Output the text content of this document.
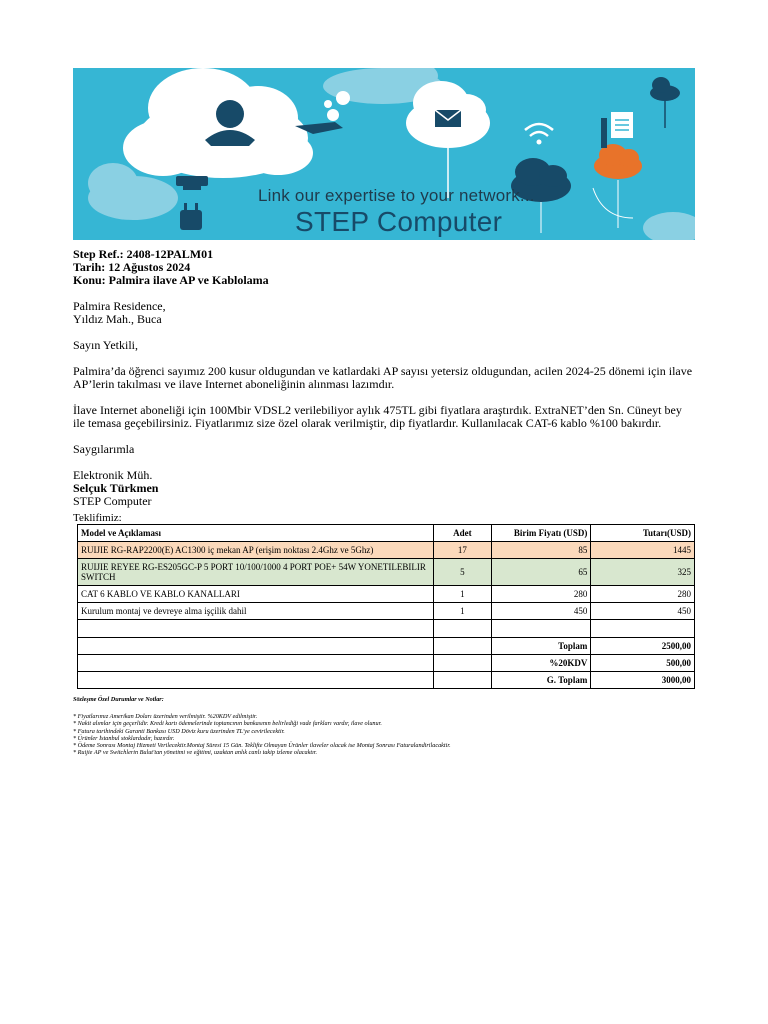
Link our expertise to your network...
STEP Computer

Step Ref.: 2408-12PALM01

Tarih: 12 Ağustos 2024

Konu: Palmira ilave AP ve Kablolama

Palmira Residence,

Yıldız Mah., Buca

Sayın Yetkili,

Palmira’da öğrenci sayımız 200 kusur oldugundan ve katlardaki AP sayısı yetersiz oldugundan, acilen 2024-25 dönemi için ilave AP’lerin takılması ve ilave Internet aboneliğinin alınması lazımdır.

İlave Internet aboneliği için 100Mbir VDSL2 verilebiliyor aylık 475TL gibi fiyatlara araştırdık. ExtraNET’den Sn. Cüneyt bey ile temasa geçebilirsiniz. Fiyatlarımız size özel olarak verilmiştir, dip fiyatlardır. Kullanılacak CAT-6 kablo %100 bakırdır.

Saygılarımla

Elektronik Müh.

Selçuk Türkmen

STEP Computer

Teklifimiz:

Model ve Açıklaması	Adet	Birim Fiyatı (USD)	Tutarı(USD)
RUIJIE RG-RAP2200(E) AC1300 iç mekan AP (erişim noktası 2.4Ghz ve 5Ghz)	17	85	1445
RUIJIE REYEE RG-ES205GC-P 5 PORT 10/100/1000 4 PORT POE+ 54W YONETILEBILIR SWITCH	5	65	325
CAT 6 KABLO VE KABLO KANALLARI	1	280	280
Kurulum montaj ve devreye alma işçilik dahil	1	450	450

		Toplam	2500,00
		%20KDV	500,00
		G. Toplam	3000,00

Sözleşme Özel Durumlar ve Notlar:

* Fiyatlarımız Amerikan Doları üzerinden verilmiştir. %20KDV edilmiştir.

* Nakit alımlar için geçerlidir. Kredi kartı ödemelerinde toptancının bankasının belirlediği vade farkları vardır, ilave olunur.

* Fatura tarihindeki Garanti Bankası USD Döviz kuru üzerinden TL'ye cevirilecektir.

* Ürünler İstanbul stoklardadır, hazırdır.

* Ödeme Sonrası Montaj Hizmeti Verilecektir.Montaj Süresi 15 Gün. Teklifte Olmayan Ürünler ilaveler olacak ise Montaj Sonrası Faturalandirilacaktir.

* Ruijie AP ve Switchlerin Bulut'tan yönetimi ve eğitimi, uzaktan anlık canlı takip izleme olacaktır.
